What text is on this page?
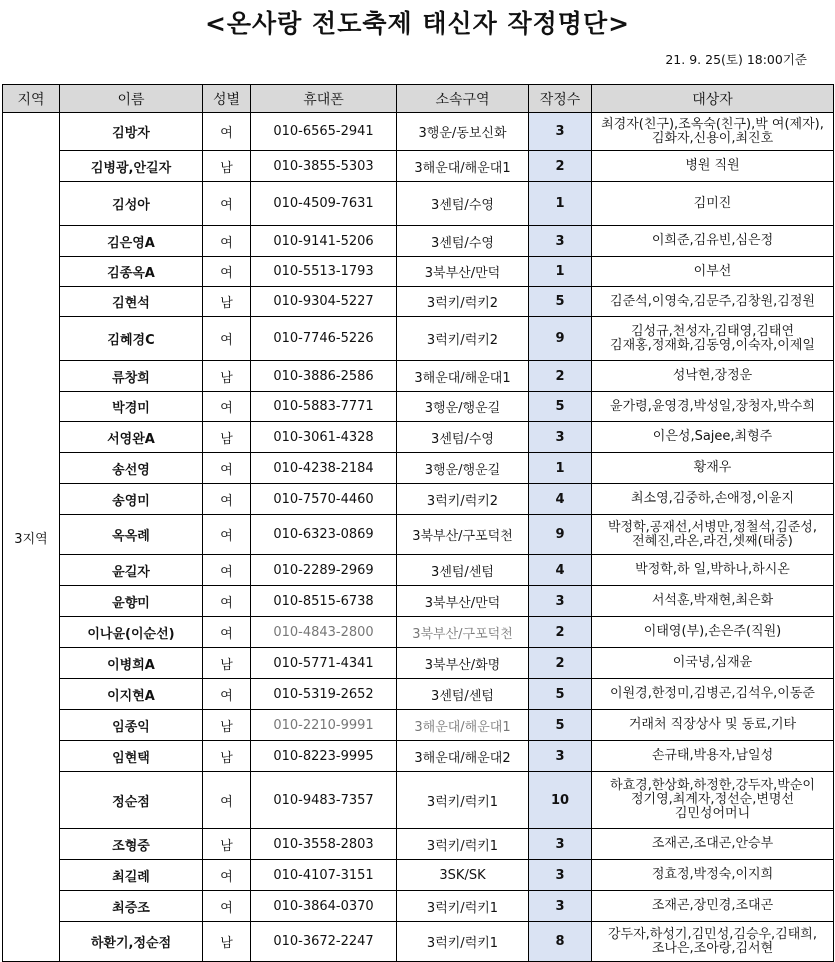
<온사랑 전도축제 태신자 작정명단>
21. 9. 25(토) 18:00기준
지역	이름	성별	휴대폰	소속구역	작정수	대상자
3지역	김방자	여	010-6565-2941	3행운/동보신화	3	최경자(친구),조옥숙(친구),박 여(제자),
김화자,신용이,최진호

	김병광,안길자	남	010-3855-5303	3해운대/해운대1	2	병원 직원

	김성아	여	010-4509-7631	3센텀/수영	1	김미진

	김은영A	여	010-9141-5206	3센텀/수영	3	이희준,김유빈,심은정

	김종옥A	여	010-5513-1793	3북부산/만덕	1	이부선

	김현석	남	010-9304-5227	3럭키/럭키2	5	김준석,이영숙,김문주,김창원,김정원

	김혜경C	여	010-7746-5226	3럭키/럭키2	9	김성규,천성자,김태영,김태연
김재홍,정재화,김동영,이숙자,이제일

	류창희	남	010-3886-2586	3해운대/해운대1	2	성낙현,장정운

	박경미	여	010-5883-7771	3행운/행운길	5	윤가령,윤영경,박성일,장청자,박수희

	서영완A	남	010-3061-4328	3센텀/수영	3	이은성,Sajee,최형주

	송선영	여	010-4238-2184	3행운/행운길	1	황재우

	송영미	여	010-7570-4460	3럭키/럭키2	4	최소영,김중하,손애정,이윤지

	옥옥례	여	010-6323-0869	3북부산/구포덕천	9	박정학,공재선,서병만,정철석,김준성,
전혜진,라온,라건,셋째(태중)

	윤길자	여	010-2289-2969	3센텀/센텀	4	박정학,하 일,박하나,하시온

	윤향미	여	010-8515-6738	3북부산/만덕	3	서석훈,박재현,최은화

	이나윤(이순선)	여	010-4843-2800	3북부산/구포덕천	2	이태영(부),손은주(직원)

	이병희A	남	010-5771-4341	3북부산/화명	2	이국녕,심재윤

	이지현A	여	010-5319-2652	3센텀/센텀	5	이원경,한정미,김병곤,김석우,이동준

	임종익	남	010-2210-9991	3해운대/해운대1	5	거래처 직장상사 및 동료,기타

	임현택	남	010-8223-9995	3해운대/해운대2	3	손규태,박용자,남일성

	정순점	여	010-9483-7357	3럭키/럭키1	10	하효경,한상화,하정한,강두자,박순이
정기영,최계자,정선순,변명선
김민성어머니

	조형중	남	010-3558-2803	3럭키/럭키1	3	조재곤,조대곤,안승부

	최길례	여	010-4107-3151	3SK/SK	3	정효정,박정숙,이지희

	최증조	여	010-3864-0370	3럭키/럭키1	3	조재곤,장민경,조대곤

	하환기,정순점	남	010-3672-2247	3럭키/럭키1	8	강두자,하성기,김민성,김승우,김태희,
조나은,조아랑,김서현
